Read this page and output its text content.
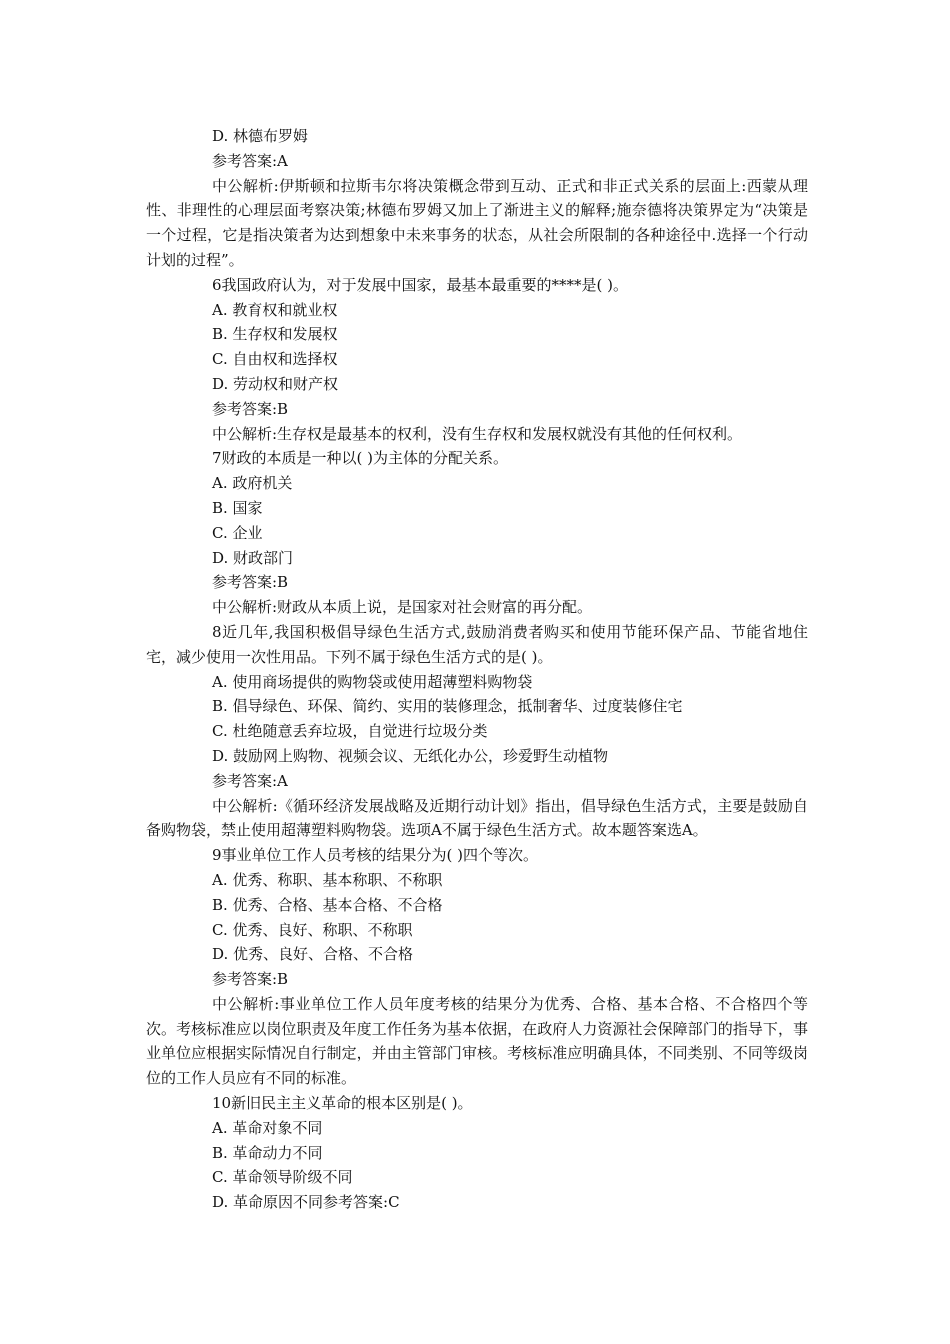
D. 林德布罗姆
参考答案:A
中公解析:伊斯顿和拉斯韦尔将决策概念带到互动、正式和非正式关系的层面上:西蒙从理性、非理性的心理层面考察决策;林德布罗姆又加上了渐进主义的解释;施奈德将决策界定为“决策是一个过程，它是指决策者为达到想象中未来事务的状态，从社会所限制的各种途径中.选择一个行动计划的过程”。
6我国政府认为，对于发展中国家，最基本最重要的****是( )。
A. 教育权和就业权
B. 生存权和发展权
C. 自由权和选择权
D. 劳动权和财产权
参考答案:B
中公解析:生存权是最基本的权利，没有生存权和发展权就没有其他的任何权利。
7财政的本质是一种以( )为主体的分配关系。
A. 政府机关
B. 国家
C. 企业
D. 财政部门
参考答案:B
中公解析:财政从本质上说，是国家对社会财富的再分配。
8近几年,我国积极倡导绿色生活方式,鼓励消费者购买和使用节能环保产品、节能省地住宅，减少使用一次性用品。下列不属于绿色生活方式的是( )。
A. 使用商场提供的购物袋或使用超薄塑料购物袋
B. 倡导绿色、环保、简约、实用的装修理念，抵制奢华、过度装修住宅
C. 杜绝随意丢弃垃圾，自觉进行垃圾分类
D. 鼓励网上购物、视频会议、无纸化办公，珍爱野生动植物
参考答案:A
中公解析:《循环经济发展战略及近期行动计划》指出，倡导绿色生活方式，主要是鼓励自备购物袋，禁止使用超薄塑料购物袋。选项A不属于绿色生活方式。故本题答案选A。
9事业单位工作人员考核的结果分为( )四个等次。
A. 优秀、称职、基本称职、不称职
B. 优秀、合格、基本合格、不合格
C. 优秀、良好、称职、不称职
D. 优秀、良好、合格、不合格
参考答案:B
中公解析:事业单位工作人员年度考核的结果分为优秀、合格、基本合格、不合格四个等次。考核标准应以岗位职责及年度工作任务为基本依据，在政府人力资源社会保障部门的指导下，事业单位应根据实际情况自行制定，并由主管部门审核。考核标准应明确具体，不同类别、不同等级岗位的工作人员应有不同的标准。
10新旧民主主义革命的根本区别是( )。
A. 革命对象不同
B. 革命动力不同
C. 革命领导阶级不同
D. 革命原因不同参考答案:C
